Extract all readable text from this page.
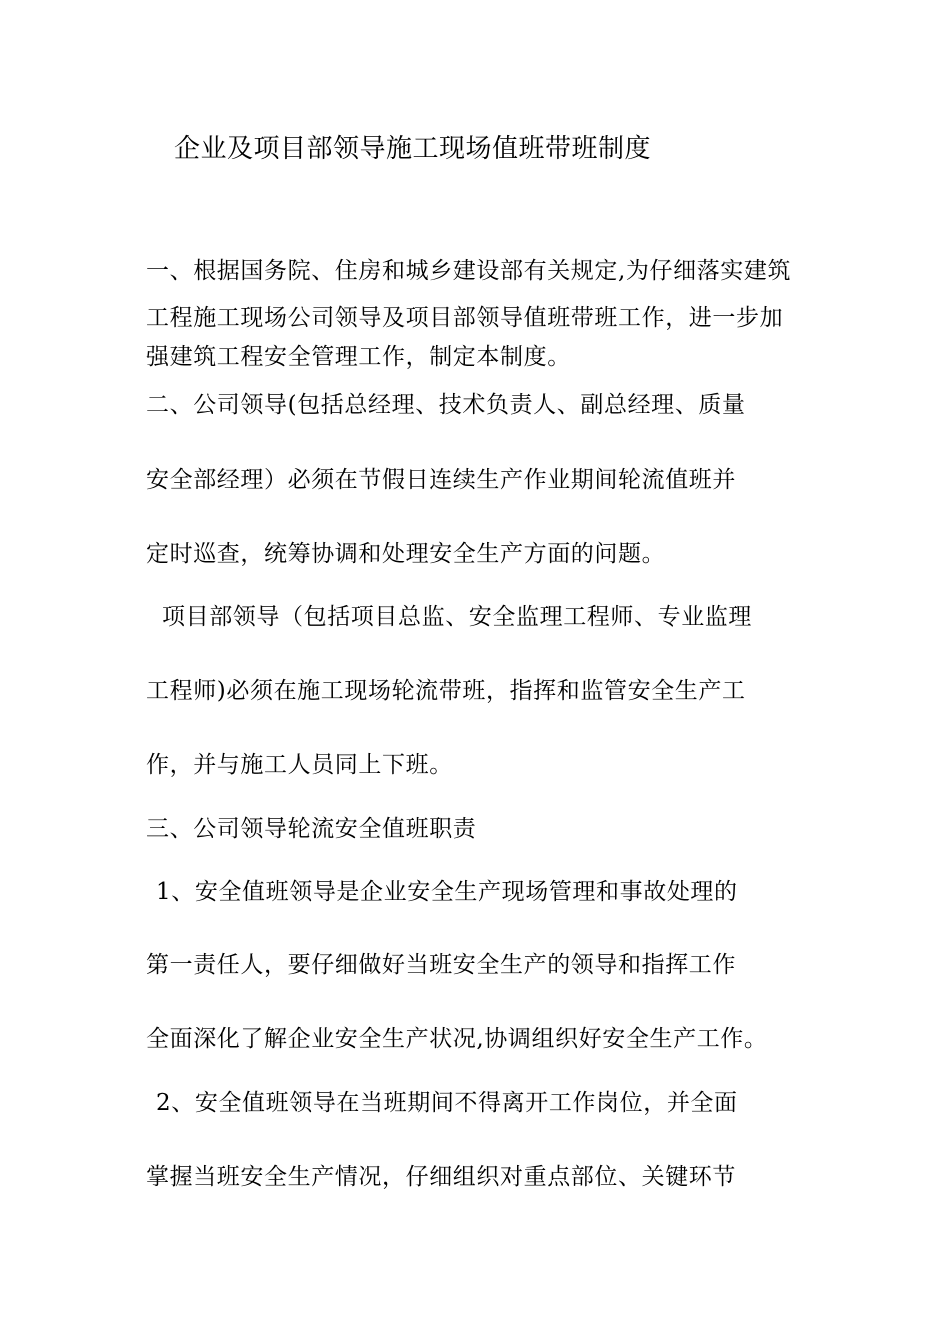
企业及项目部领导施工现场值班带班制度
一、根据国务院、住房和城乡建设部有关规定,为仔细落实建筑
工程施工现场公司领导及项目部领导值班带班工作，进一步加
强建筑工程安全管理工作，制定本制度。
二、公司领导(包括总经理、技术负责人、副总经理、质量
安全部经理）必须在节假日连续生产作业期间轮流值班并
定时巡查，统筹协调和处理安全生产方面的问题。
项目部领导（包括项目总监、安全监理工程师、专业监理
工程师)必须在施工现场轮流带班，指挥和监管安全生产工
作，并与施工人员同上下班。
三、公司领导轮流安全值班职责
1、安全值班领导是企业安全生产现场管理和事故处理的
第一责任人，要仔细做好当班安全生产的领导和指挥工作
全面深化了解企业安全生产状况,协调组织好安全生产工作。
2、安全值班领导在当班期间不得离开工作岗位，并全面
掌握当班安全生产情况，仔细组织对重点部位、关键环节
